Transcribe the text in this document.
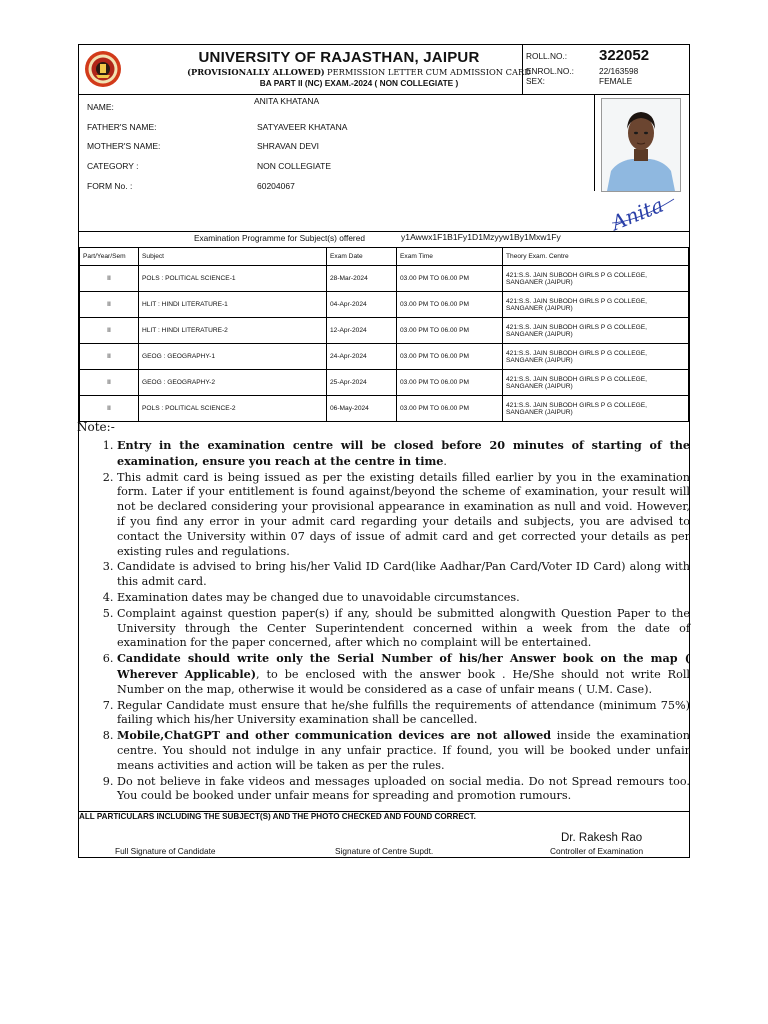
UNIVERSITY OF RAJASTHAN, JAIPUR
(PROVISIONALLY ALLOWED) PERMISSION LETTER CUM ADMISSION CARD
BA PART II (NC) EXAM.-2024 ( NON COLLEGIATE )
ROLL.NO.: 322052
ENROL.NO.:	22/163598
SEX:	FEMALE
NAME:
ANITA KHATANA
FATHER'S NAME:	SATYAVEER KHATANA
MOTHER'S NAME:	SHRAVAN DEVI
CATEGORY :	NON COLLEGIATE
FORM No. :	60204067
Anita
Examination Programme for Subject(s) offered	y1Awwx1F1B1Fy1D1Mzyyw1By1Mxw1Fy
Part/Year/Sem	Subject	Exam Date	Exam Time	Theory Exam. Centre
II	POLS : POLITICAL SCIENCE-1	28-Mar-2024	03.00 PM TO 06.00 PM	421:S.S. JAIN SUBODH GIRLS P G COLLEGE,
SANGANER (JAIPUR)

II	HLIT : HINDI LITERATURE-1	04-Apr-2024	03.00 PM TO 06.00 PM	421:S.S. JAIN SUBODH GIRLS P G COLLEGE,
SANGANER (JAIPUR)

II	HLIT : HINDI LITERATURE-2	12-Apr-2024	03.00 PM TO 06.00 PM	421:S.S. JAIN SUBODH GIRLS P G COLLEGE,
SANGANER (JAIPUR)

II	GEOG : GEOGRAPHY-1	24-Apr-2024	03.00 PM TO 06.00 PM	421:S.S. JAIN SUBODH GIRLS P G COLLEGE,
SANGANER (JAIPUR)

II	GEOG : GEOGRAPHY-2	25-Apr-2024	03.00 PM TO 06.00 PM	421:S.S. JAIN SUBODH GIRLS P G COLLEGE,
SANGANER (JAIPUR)

II	POLS : POLITICAL SCIENCE-2	06-May-2024	03.00 PM TO 06.00 PM	421:S.S. JAIN SUBODH GIRLS P G COLLEGE,
SANGANER (JAIPUR)
ALL PARTICULARS INCLUDING THE SUBJECT(S) AND THE PHOTO CHECKED AND FOUND CORRECT.
Dr. Rakesh Rao
Full Signature of Candidate	Signature of Centre Supdt.	Controller of Examination
Note:-
1. Entry in the examination centre will be closed before 20 minutes of starting of the examination, ensure you reach at the centre in time.
2. This admit card is being issued as per the existing details filled earlier by you in the examination form. Later if your entitlement is found against/beyond the scheme of examination, your result will not be declared considering your provisional appearance in examination as null and void. However, if you find any error in your admit card regarding your details and subjects, you are advised to contact the University within 07 days of issue of admit card and get corrected your details as per existing rules and regulations.
3. Candidate is advised to bring his/her Valid ID Card(like Aadhar/Pan Card/Voter ID Card) along with this admit card.
4. Examination dates may be changed due to unavoidable circumstances.
5. Complaint against question paper(s) if any, should be submitted alongwith Question Paper to the University through the Center Superintendent concerned within a week from the date of examination for the paper concerned, after which no complaint will be entertained.
6. Candidate should write only the Serial Number of his/her Answer book on the map ( Wherever Applicable), to be enclosed with the answer book . He/She should not write Roll Number on the map, otherwise it would be considered as a case of unfair means ( U.M. Case).
7. Regular Candidate must ensure that he/she fulfills the requirements of attendance (minimum 75%) failing which his/her University examination shall be cancelled.
8. Mobile,ChatGPT and other communication devices are not allowed inside the examination centre. You should not indulge in any unfair practice. If found, you will be booked under unfair means activities and action will be taken as per the rules.
9. Do not believe in fake videos and messages uploaded on social media. Do not Spread remours too. You could be booked under unfair means for spreading and promotion rumours.
